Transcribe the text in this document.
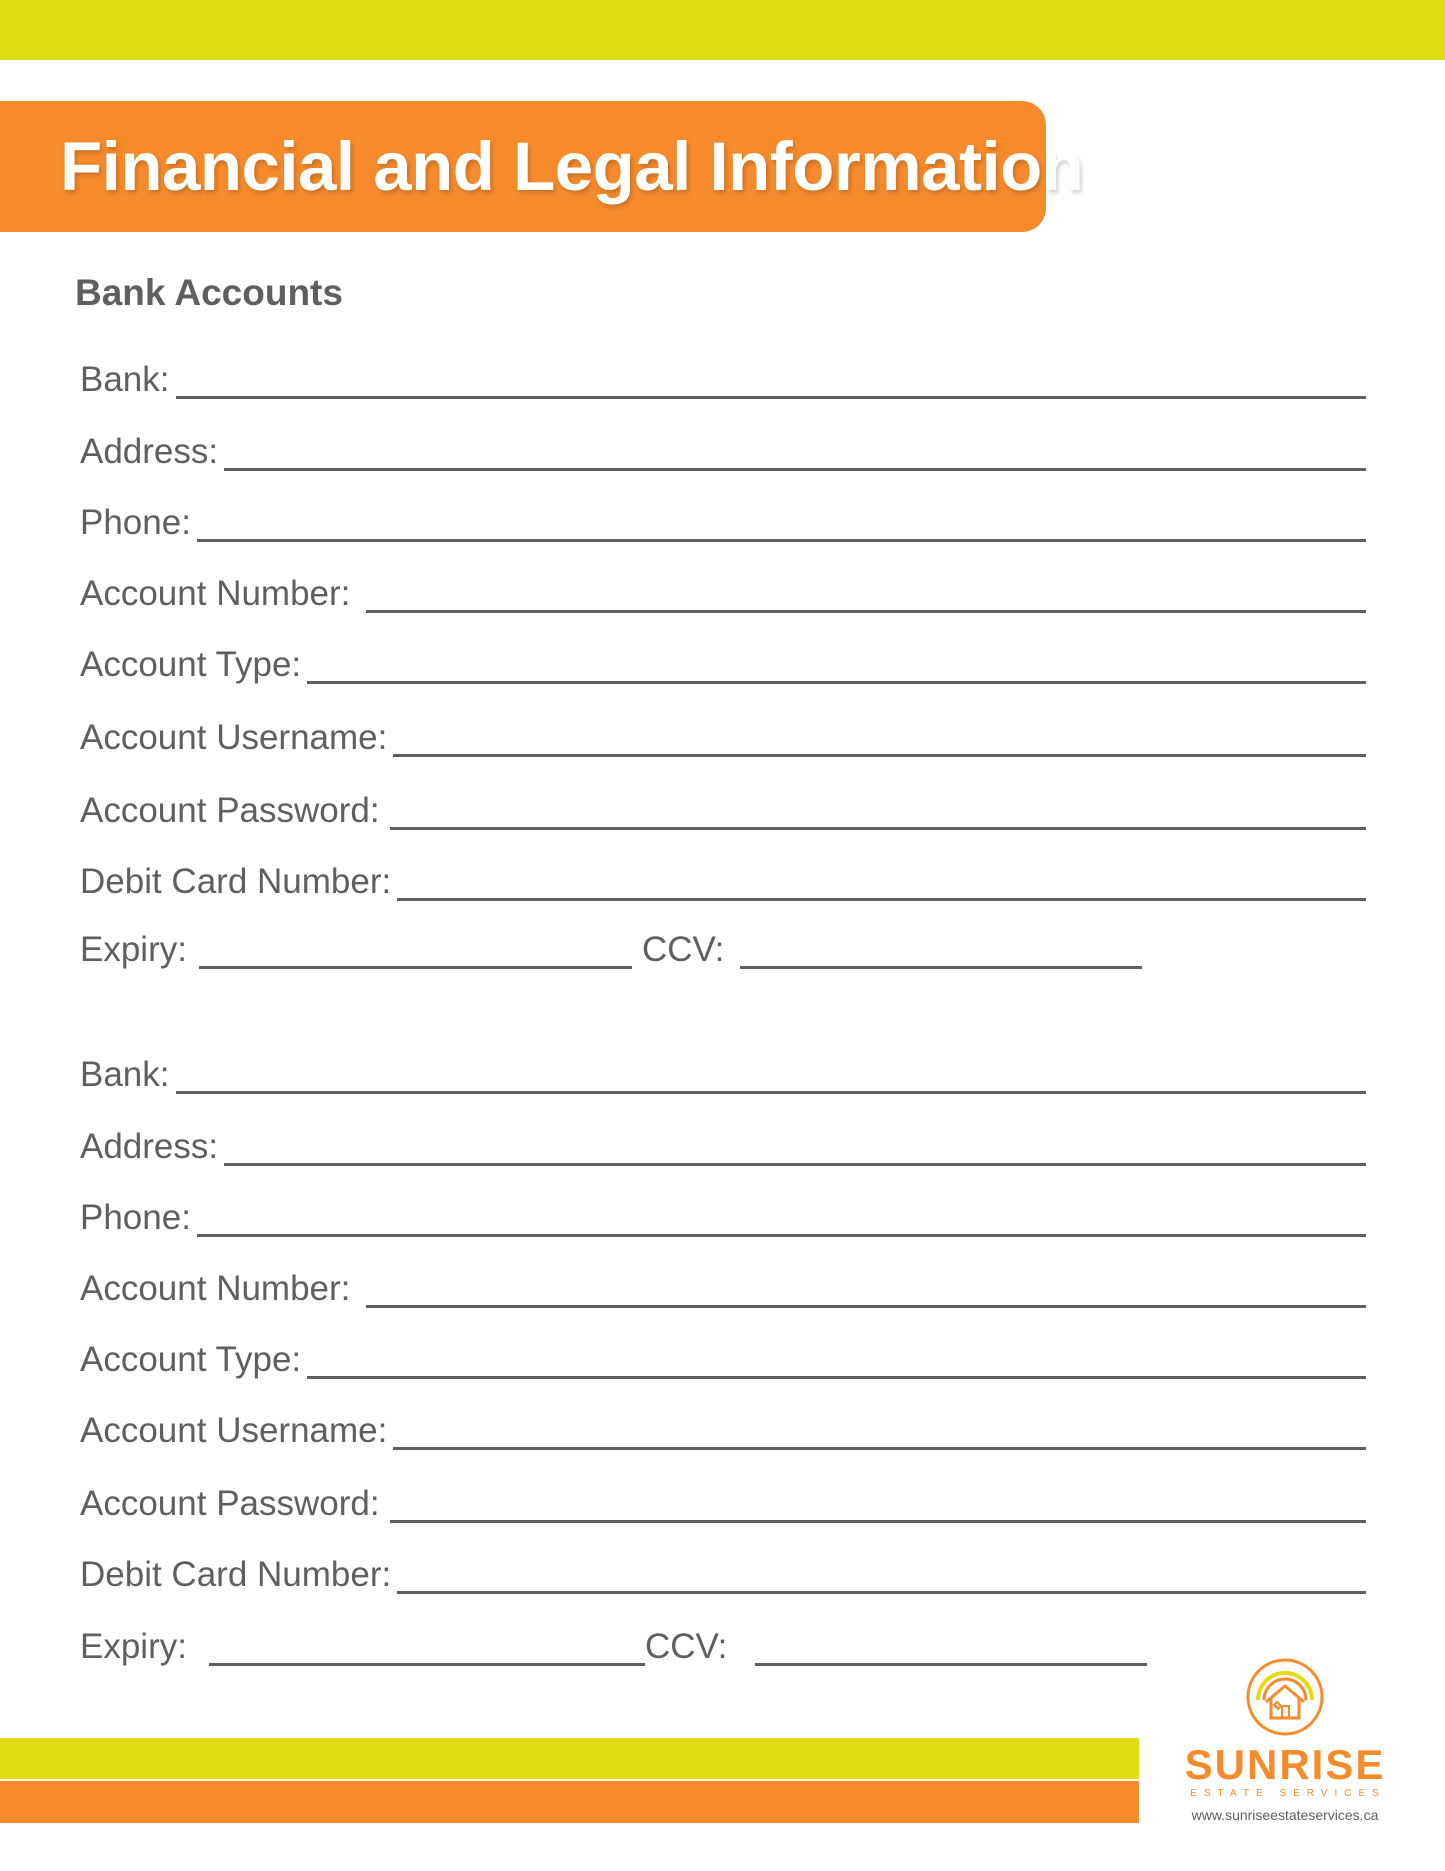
Financial and Legal Information
Bank Accounts
Bank:
Address:
Phone:
Account Number:
Account Type:
Account Username:
Account Password:
Debit Card Number:
Expiry:	CCV:
Bank:
Address:
Phone:
Account Number:
Account Type:
Account Username:
Account Password:
Debit Card Number:
Expiry:	CCV:
SUNRISE
ESTATE SERVICES
www.sunriseestateservices.ca
